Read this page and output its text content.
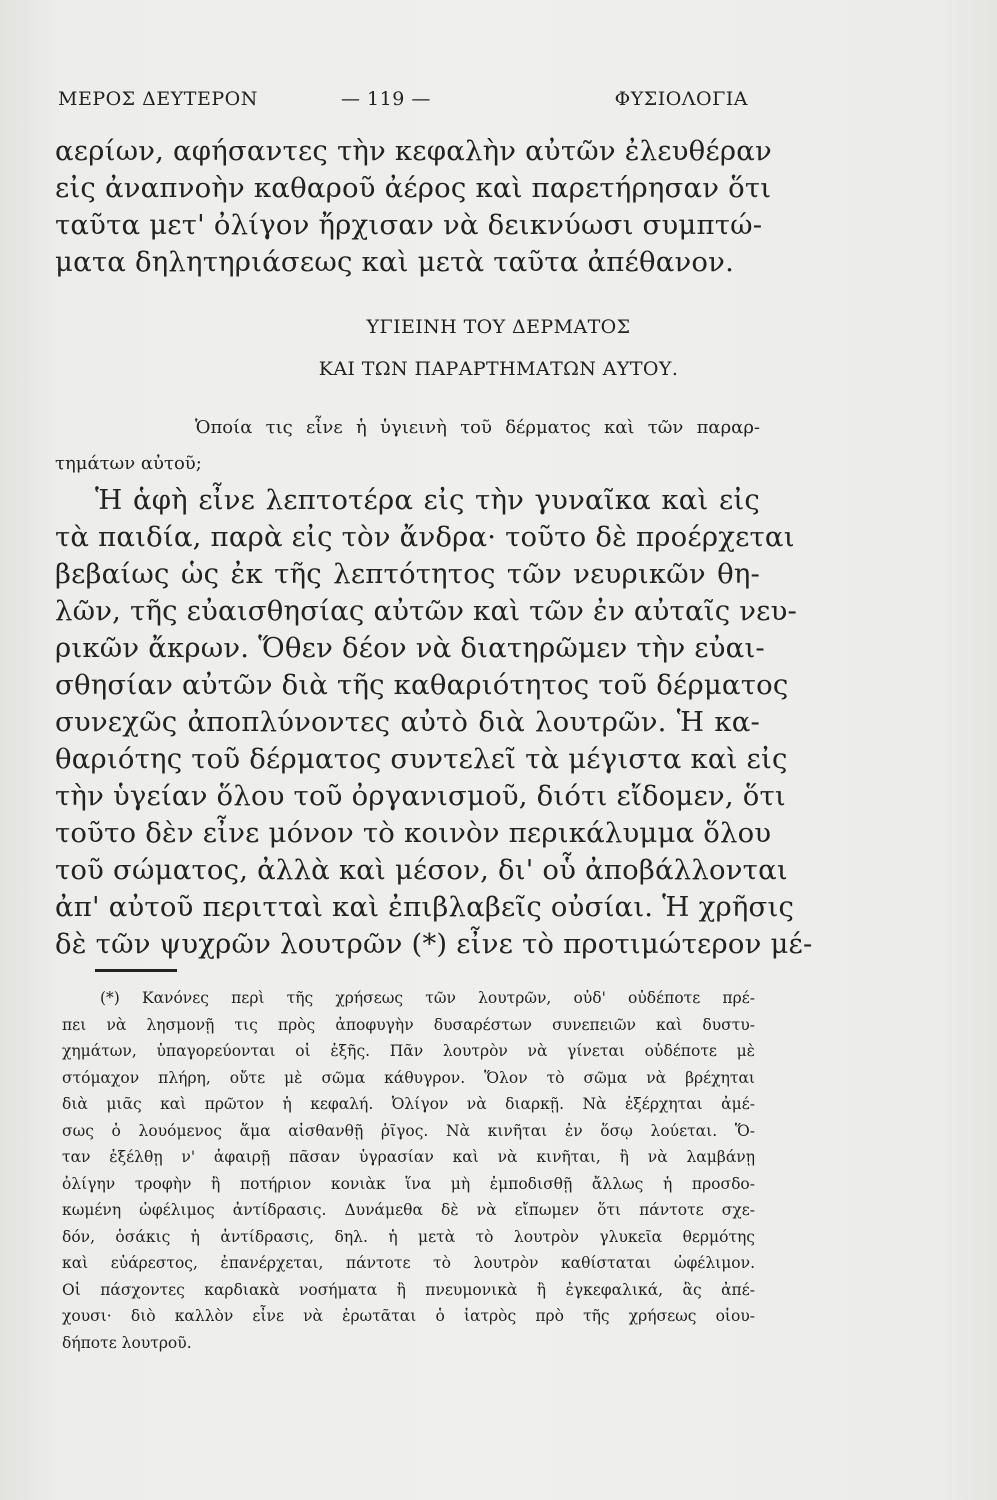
ΜΕΡΟΣ ΔΕΥΤΕΡΟΝ	— 119 —	ΦΥΣΙΟΛΟΓΙΑ
αερίων, αφήσαντες τὴν κεφαλὴν αὐτῶν ἐλευθέραν
εἰς ἀναπνοὴν καθαροῦ ἀέρος καὶ παρετήρησαν ὅτι
ταῦτα μετ' ὀλίγον ἤρχισαν νὰ δεικνύωσι συμπτώ-
ματα δηλητηριάσεως καὶ μετὰ ταῦτα ἀπέθανον.
ΥΓΙΕΙΝΗ ΤΟΥ ΔΕΡΜΑΤΟΣ
ΚΑΙ ΤΩΝ ΠΑΡΑΡΤΗΜΑΤΩΝ ΑΥΤΟΥ.
Ὁποία τις εἶνε ἡ ὑγιεινὴ τοῦ δέρματος καὶ τῶν παραρ-
τημάτων αὐτοῦ;
Ἡ ἁφὴ εἶνε λεπτοτέρα εἰς τὴν γυναῖκα καὶ εἰς
τὰ παιδία, παρὰ εἰς τὸν ἄνδρα· τοῦτο δὲ προέρχεται
βεβαίως ὡς ἐκ τῆς λεπτότητος τῶν νευρικῶν θη-
λῶν, τῆς εὐαισθησίας αὐτῶν καὶ τῶν ἐν αὐταῖς νευ-
ρικῶν ἄκρων. Ὅθεν δέον νὰ διατηρῶμεν τὴν εὐαι-
σθησίαν αὐτῶν διὰ τῆς καθαριότητος τοῦ δέρματος
συνεχῶς ἀποπλύνοντες αὐτὸ διὰ λουτρῶν. Ἡ κα-
θαριότης τοῦ δέρματος συντελεῖ τὰ μέγιστα καὶ εἰς
τὴν ὑγείαν ὅλου τοῦ ὀργανισμοῦ, διότι εἴδομεν, ὅτι
τοῦτο δὲν εἶνε μόνον τὸ κοινὸν περικάλυμμα ὅλου
τοῦ σώματος, ἀλλὰ καὶ μέσον, δι' οὗ ἀποβάλλονται
ἀπ' αὐτοῦ περιτταὶ καὶ ἐπιβλαβεῖς οὐσίαι. Ἡ χρῆσις
δὲ τῶν ψυχρῶν λουτρῶν (*) εἶνε τὸ προτιμώτερον μέ-
(*) Κανόνες περὶ τῆς χρήσεως τῶν λουτρῶν, οὐδ' οὐδέποτε πρέ-
πει νὰ λησμονῇ τις πρὸς ἀποφυγὴν δυσαρέστων συνεπειῶν καὶ δυστυ-
χημάτων, ὑπαγορεύονται οἱ ἑξῆς. Πᾶν λουτρὸν νὰ γίνεται οὐδέποτε μὲ
στόμαχον πλήρη, οὔτε μὲ σῶμα κάθυγρον. Ὅλον τὸ σῶμα νὰ βρέχηται
διὰ μιᾶς καὶ πρῶτον ἡ κεφαλή. Ὀλίγον νὰ διαρκῇ. Νὰ ἐξέρχηται ἀμέ-
σως ὁ λουόμενος ἅμα αἰσθανθῇ ῥῖγος. Νὰ κινῆται ἐν ὅσῳ λούεται. Ὅ-
ταν ἐξέλθῃ ν' ἀφαιρῇ πᾶσαν ὑγρασίαν καὶ νὰ κινῆται, ἢ νὰ λαμβάνῃ
ὀλίγην τροφὴν ἢ ποτήριον κονιὰκ ἵνα μὴ ἐμποδισθῇ ἄλλως ἡ προσδο-
κωμένη ὠφέλιμος ἀντίδρασις. Δυνάμεθα δὲ νὰ εἴπωμεν ὅτι πάντοτε σχε-
δόν, ὁσάκις ἡ ἀντίδρασις, δηλ. ἡ μετὰ τὸ λουτρὸν γλυκεῖα θερμότης
καὶ εὐάρεστος, ἐπανέρχεται, πάντοτε τὸ λουτρὸν καθίσταται ὠφέλιμον.
Οἱ πάσχοντες καρδιακὰ νοσήματα ἢ πνευμονικὰ ἢ ἐγκεφαλικά, ἃς ἀπέ-
χουσι· διὸ καλλὸν εἶνε νὰ ἐρωτᾶται ὁ ἰατρὸς πρὸ τῆς χρήσεως οἱου-
δήποτε λουτροῦ.
